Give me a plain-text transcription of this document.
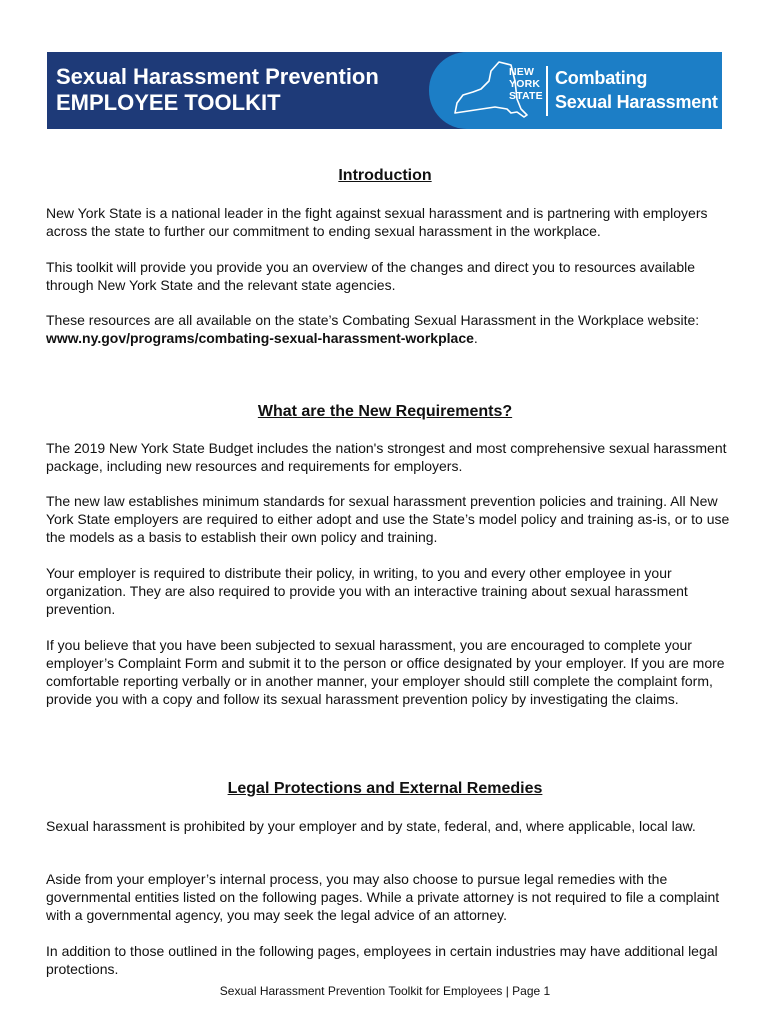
Sexual Harassment Prevention
EMPLOYEE TOOLKIT
NEW
YORK
STATE
Combating
Sexual Harassment
Introduction
New York State is a national leader in the fight against sexual harassment and is partnering with employers across the state to further our commitment to ending sexual harassment in the workplace.
This toolkit will provide you provide you an overview of the changes and direct you to resources available through New York State and the relevant state agencies.
These resources are all available on the state’s Combating Sexual Harassment in the Workplace website: www.ny.gov/programs/combating-sexual-harassment-workplace.
What are the New Requirements?
The 2019 New York State Budget includes the nation's strongest and most comprehensive sexual harassment package, including new resources and requirements for employers.
The new law establishes minimum standards for sexual harassment prevention policies and training. All New York State employers are required to either adopt and use the State’s model policy and training as-is, or to use the models as a basis to establish their own policy and training.
Your employer is required to distribute their policy, in writing, to you and every other employee in your organization. They are also required to provide you with an interactive training about sexual harassment prevention.
If you believe that you have been subjected to sexual harassment, you are encouraged to complete your employer’s Complaint Form and submit it to the person or office designated by your employer. If you are more comfortable reporting verbally or in another manner, your employer should still complete the complaint form, provide you with a copy and follow its sexual harassment prevention policy by investigating the claims.
Legal Protections and External Remedies
Sexual harassment is prohibited by your employer and by state, federal, and, where applicable, local law.
Aside from your employer’s internal process, you may also choose to pursue legal remedies with the governmental entities listed on the following pages. While a private attorney is not required to file a complaint with a governmental agency, you may seek the legal advice of an attorney.
In addition to those outlined in the following pages, employees in certain industries may have additional legal protections.
Sexual Harassment Prevention Toolkit for Employees | Page 1
